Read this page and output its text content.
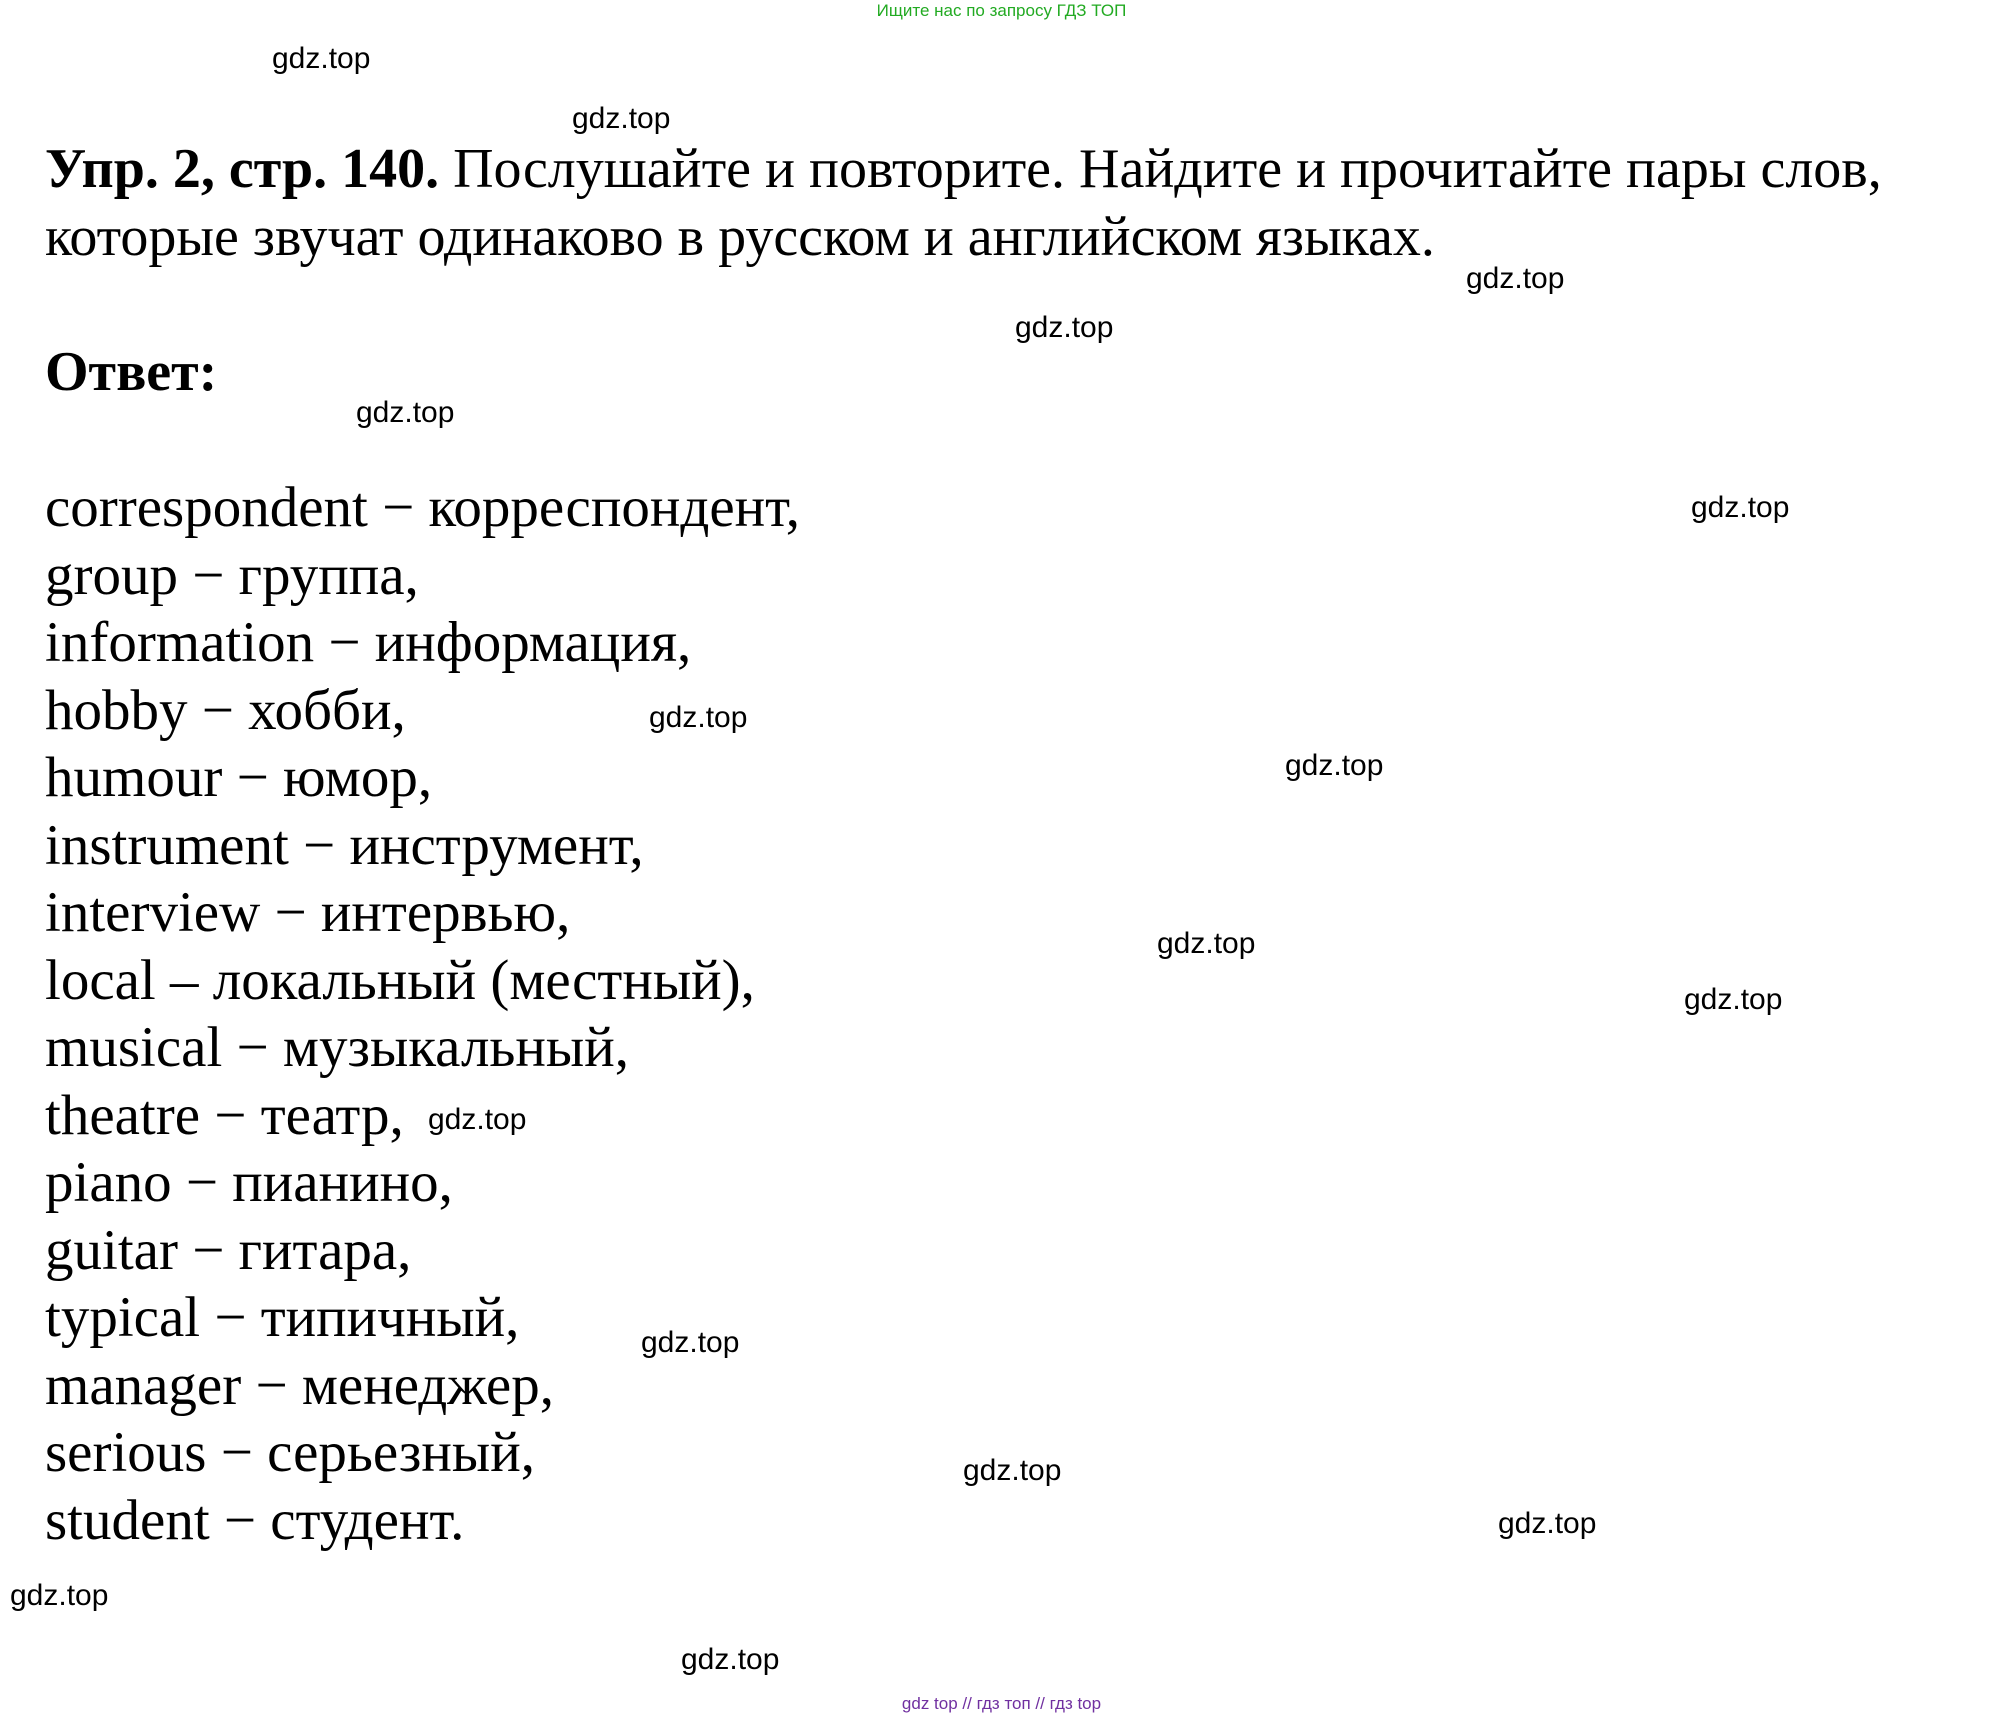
Ищите нас по запросу ГДЗ ТОП
Упр. 2, стр. 140. Послушайте и повторите. Найдите и прочитайте пары слов, которые звучат одинаково в русском и английском языках.
Ответ:
correspondent − корреспондент,
group − группа,
information − информация,
hobby − хобби,
humour − юмор,
instrument − инструмент,
interview − интервью,
local – локальный (местный),
musical − музыкальный,
theatre − театр,
piano − пианино,
guitar − гитара,
typical − типичный,
manager − менеджер,
serious − серьезный,
student − студент.
gdz.top
gdz.top
gdz.top
gdz.top
gdz.top
gdz.top
gdz.top
gdz.top
gdz.top
gdz.top
gdz.top
gdz.top
gdz.top
gdz.top
gdz.top
gdz.top
gdz top // гдз топ // гдз top
